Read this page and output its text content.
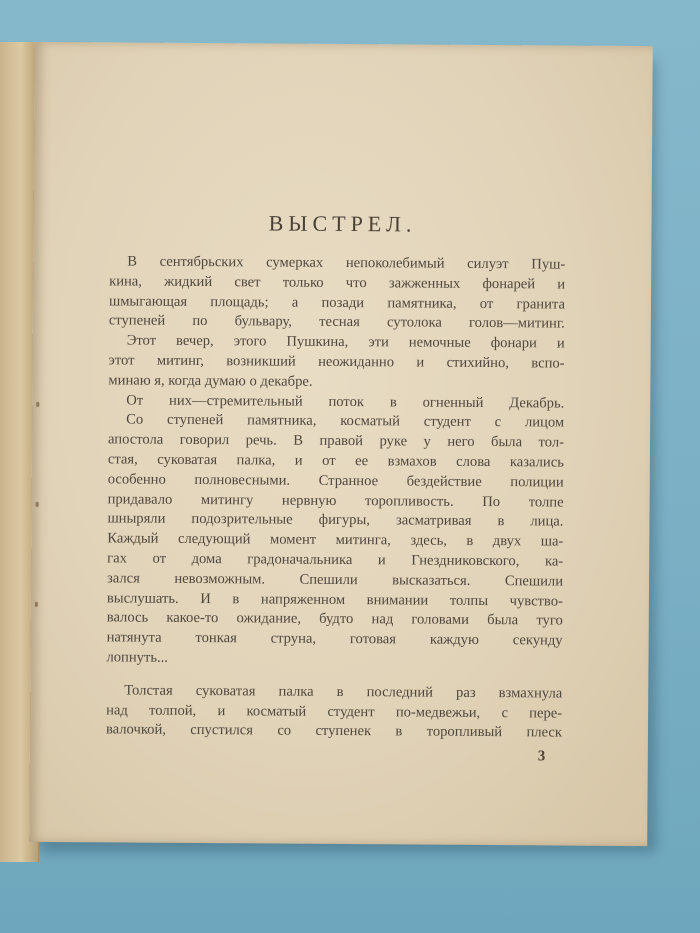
ВЫСТРЕЛ.
В сентябрьских сумерках непоколебимый силуэт Пуш-
кина, жидкий свет только что зажженных фонарей и
шмыгающая площадь; а позади памятника, от гранита
ступеней по бульвару, тесная сутолока голов—митинг.
Этот вечер, этого Пушкина, эти немочные фонари и
этот митинг, возникший неожиданно и стихийно, вспо-
минаю я, когда думаю о декабре.
От них—стремительный поток в огненный Декабрь.
Со ступеней памятника, косматый студент с лицом
апостола говорил речь. В правой руке у него была тол-
стая, суковатая палка, и от ее взмахов слова казались
особенно полновесными. Странное бездействие полиции
придавало митингу нервную торопливость. По толпе
шныряли подозрительные фигуры, засматривая в лица.
Каждый следующий момент митинга, здесь, в двух ша-
гах от дома градоначальника и Гнездниковского, ка-
зался невозможным. Спешили высказаться. Спешили
выслушать. И в напряженном внимании толпы чувство-
валось какое-то ожидание, будто над головами была туго
натянута тонкая струна, готовая каждую секунду
лопнуть...
Толстая суковатая палка в последний раз взмахнула
над толпой, и косматый студент по-медвежьи, с пере-
валочкой, спустился со ступенек в торопливый плеск
3
